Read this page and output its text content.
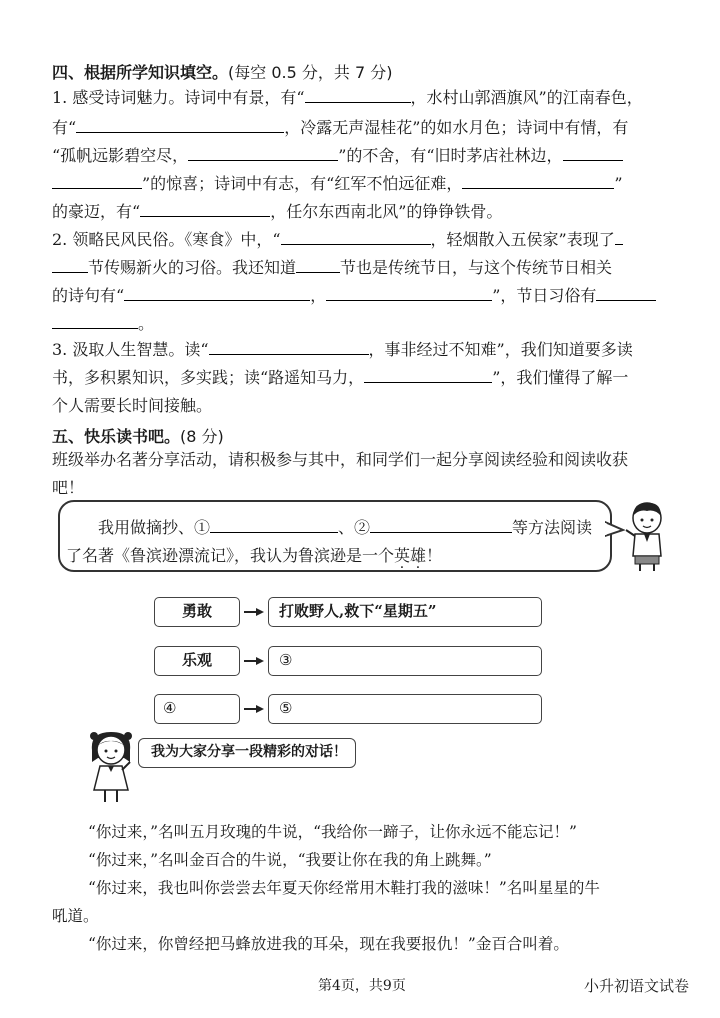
四、根据所学知识填空。(每空 0.5 分，共 7 分)
1. 感受诗词魅力。诗词中有景，有“	，水村山郭酒旗风”的江南春色，
有“	，冷露无声湿桂花”的如水月色；诗词中有情，有
“孤帆远影碧空尽，	”的不舍，有“旧时茅店社林边，
”的惊喜；诗词中有志，有“红军不怕远征难，	”
的豪迈，有“	，任尔东西南北风”的铮铮铁骨。
2. 领略民风民俗。《寒食》中，“	，轻烟散入五侯家”表现了
节传赐新火的习俗。我还知道	节也是传统节日，与这个传统节日相关
的诗句有“	，	”，节日习俗有
。
3. 汲取人生智慧。读“	，事非经过不知难”，我们知道要多读
书，多积累知识，多实践；读“路遥知马力，	”，我们懂得了解一
个人需要长时间接触。
五、快乐读书吧。(8 分)
班级举办名著分享活动，请积极参与其中，和同学们一起分享阅读经验和阅读收获
吧！
我用做摘抄、①	、②	等方法阅读
了名著《鲁滨逊漂流记》，我认为鲁滨逊是一个英雄！
勇敢	打败野人,救下“星期五”
乐观	③
④	⑤
我为大家分享一段精彩的对话！
“你过来，”名叫五月玫瑰的牛说，“我给你一蹄子，让你永远不能忘记！”
“你过来，”名叫金百合的牛说，“我要让你在我的角上跳舞。”
“你过来，我也叫你尝尝去年夏天你经常用木鞋打我的滋味！”名叫星星的牛
吼道。
“你过来，你曾经把马蜂放进我的耳朵，现在我要报仇！”金百合叫着。
第4页，共9页	小升初语文试卷
